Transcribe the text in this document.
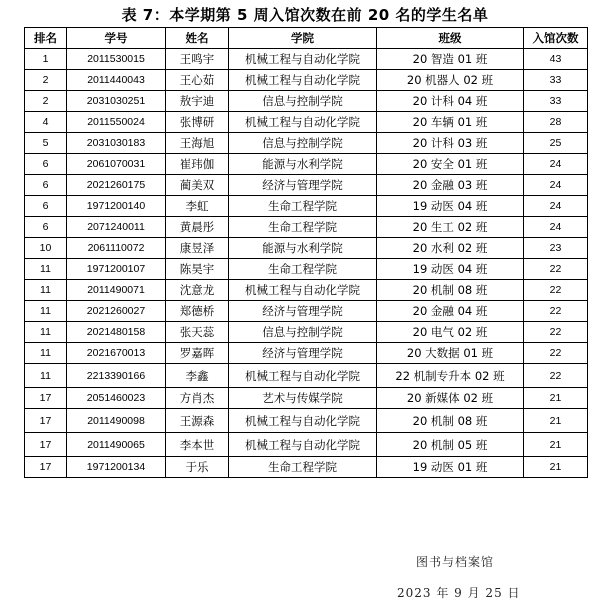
表 7：本学期第 5 周入馆次数在前 20 名的学生名单
排名	学号	姓名	学院	班级	入馆次数
1	2011530015	王鸣宇	机械工程与自动化学院	20 智造 01 班	43
2	2011440043	王心茹	机械工程与自动化学院	20 机器人 02 班	33
2	2031030251	敖宇迪	信息与控制学院	20 计科 04 班	33
4	2011550024	张博研	机械工程与自动化学院	20 车辆 01 班	28
5	2031030183	王海旭	信息与控制学院	20 计科 03 班	25
6	2061070031	崔玮伽	能源与水利学院	20 安全 01 班	24
6	2021260175	蔺美双	经济与管理学院	20 金融 03 班	24
6	1971200140	李虹	生命工程学院	19 动医 04 班	24
6	2071240011	黄晨彤	生命工程学院	20 生工 02 班	24
10	2061110072	康昱泽	能源与水利学院	20 水利 02 班	23
11	1971200107	陈昊宇	生命工程学院	19 动医 04 班	22
11	2011490071	沈意龙	机械工程与自动化学院	20 机制 08 班	22
11	2021260027	郑德桥	经济与管理学院	20 金融 04 班	22
11	2021480158	张天蕊	信息与控制学院	20 电气 02 班	22
11	2021670013	罗嘉晖	经济与管理学院	20 大数据 01 班	22
11	2213390166	李鑫	机械工程与自动化学院	22 机制专升本 02 班	22
17	2051460023	方肖杰	艺术与传媒学院	20 新媒体 02 班	21
17	2011490098	王源森	机械工程与自动化学院	20 机制 08 班	21
17	2011490065	李本世	机械工程与自动化学院	20 机制 05 班	21
17	1971200134	于乐	生命工程学院	19 动医 01 班	21
图书与档案馆
2023 年 9 月 25 日
